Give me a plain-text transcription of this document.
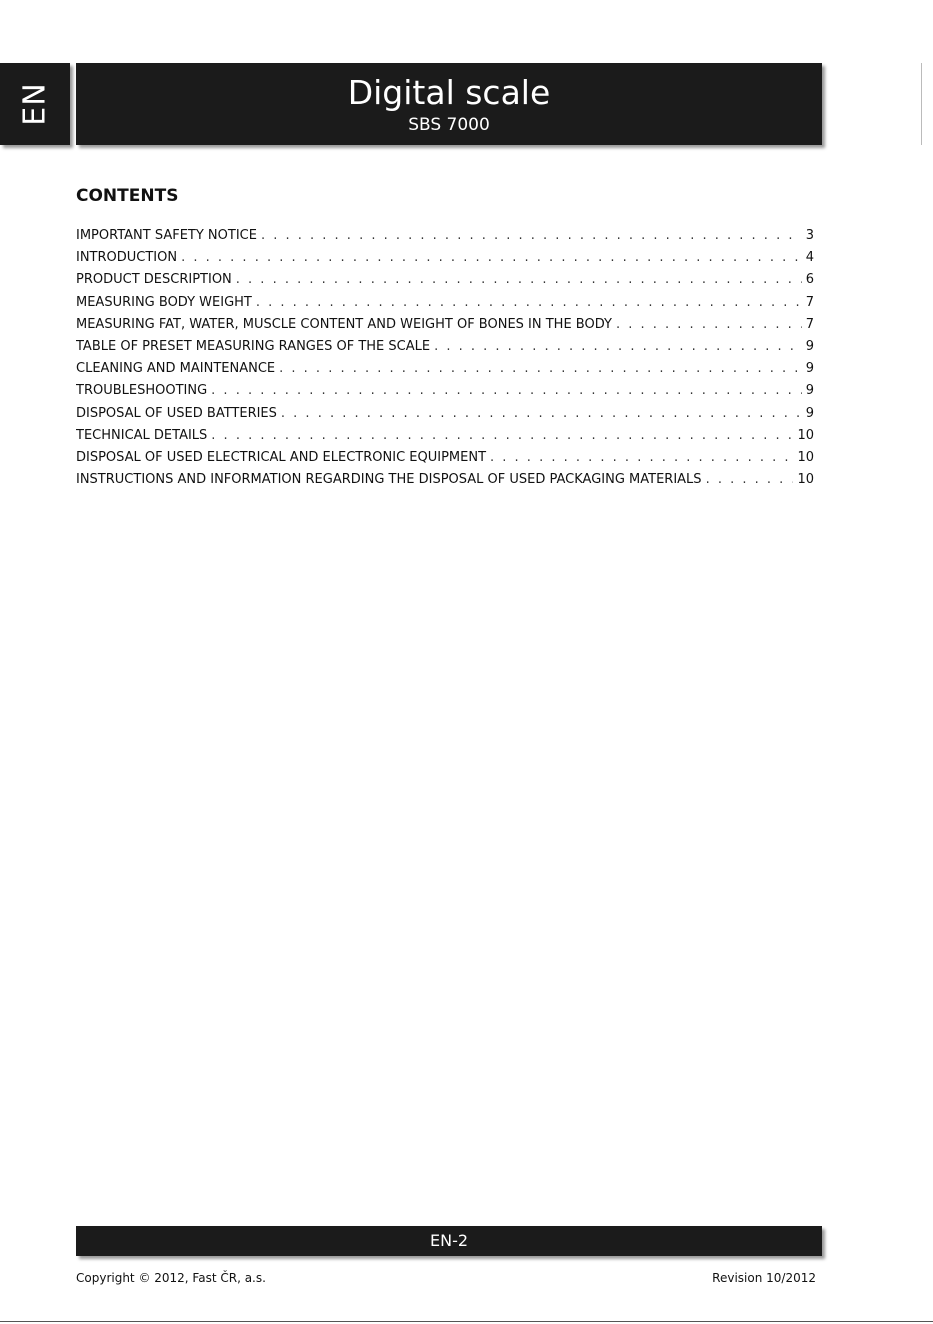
EN	Digital scale
SBS 7000
CONTENTS
IMPORTANT SAFETY NOTICE . . .	3
INTRODUCTION . . .	4
PRODUCT DESCRIPTION . . .	6
MEASURING BODY WEIGHT . . .	7
MEASURING FAT, WATER, MUSCLE CONTENT AND WEIGHT OF BONES IN THE BODY . . .	7
TABLE OF PRESET MEASURING RANGES OF THE SCALE . . .	9
CLEANING AND MAINTENANCE . . .	9
TROUBLESHOOTING . . .	9
DISPOSAL OF USED BATTERIES . . .	9
TECHNICAL DETAILS . . .	10
DISPOSAL OF USED ELECTRICAL AND ELECTRONIC EQUIPMENT . . .	10
INSTRUCTIONS AND INFORMATION REGARDING THE DISPOSAL OF USED PACKAGING MATERIALS . . .	10
EN-2
Copyright © 2012, Fast ČR, a.s.	Revision 10/2012
